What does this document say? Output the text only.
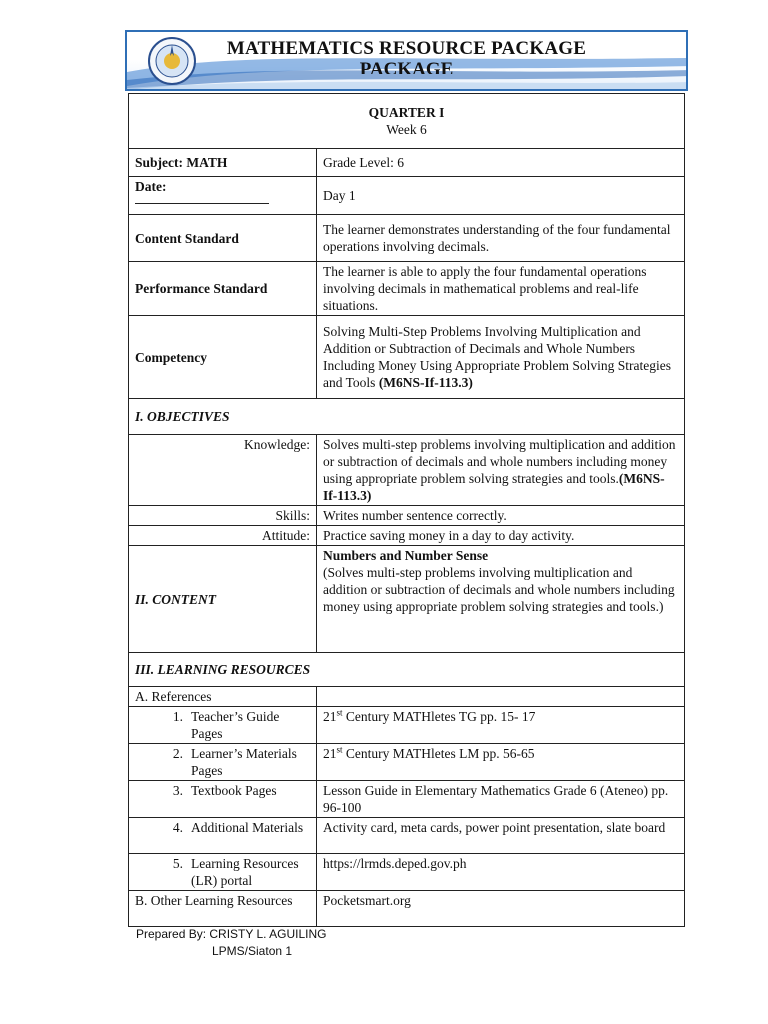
MATHEMATICS RESOURCE PACKAGE
PACKAGE
QUARTER I
Week 6	

Subject: MATH	Grade Level: 6
Date:	Day 1
Content Standard	The learner demonstrates understanding of the four fundamental operations involving decimals.
Performance Standard	The learner is able to apply the four fundamental operations involving decimals in mathematical problems and real-life situations.
Competency	Solving Multi-Step Problems Involving Multiplication and Addition or Subtraction of Decimals and Whole Numbers Including Money Using Appropriate Problem Solving Strategies and Tools (M6NS-If-113.3)
I. OBJECTIVES	
Knowledge:	Solves multi-step problems involving multiplication and addition or subtraction of decimals and whole numbers including money using appropriate problem solving strategies and tools.(M6NS-If-113.3)
Skills:	Writes number sentence correctly.
Attitude:	Practice saving money in a day to day activity.
II. CONTENT	Numbers and Number Sense
(Solves multi-step problems involving multiplication and addition or subtraction of decimals and whole numbers including money using appropriate problem solving strategies and tools.)

III. LEARNING RESOURCES	
A. References	
1. Teacher’s Guide Pages	21st Century MATHletes TG pp. 15- 17
2. Learner’s Materials Pages	21st Century MATHletes LM pp. 56-65
3. Textbook Pages	Lesson Guide in Elementary Mathematics Grade 6 (Ateneo) pp. 96-100
4. Additional Materials	Activity card, meta cards, power point presentation, slate board
5. Learning Resources (LR) portal	https://lrmds.deped.gov.ph
B. Other Learning Resources	Pocketsmart.org
Prepared By: CRISTY L. AGUILING
LPMS/Siaton 1
